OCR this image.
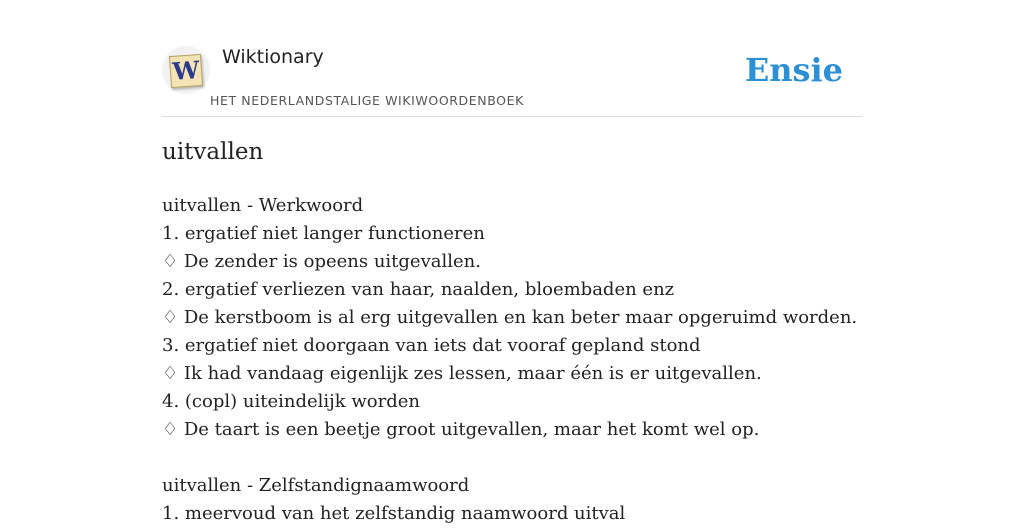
W Wiktionary
HET NEDERLANDSTALIGE WIKIWOORDENBOEK
Ensie
uitvallen
uitvallen - Werkwoord
1. ergatief niet langer functioneren
♢ De zender is opeens uitgevallen.
2. ergatief verliezen van haar, naalden, bloembaden enz
♢ De kerstboom is al erg uitgevallen en kan beter maar opgeruimd worden.
3. ergatief niet doorgaan van iets dat vooraf gepland stond
♢ Ik had vandaag eigenlijk zes lessen, maar één is er uitgevallen.
4. (copl) uiteindelijk worden
♢ De taart is een beetje groot uitgevallen, maar het komt wel op.
uitvallen - Zelfstandignaamwoord
1. meervoud van het zelfstandig naamwoord uitval
